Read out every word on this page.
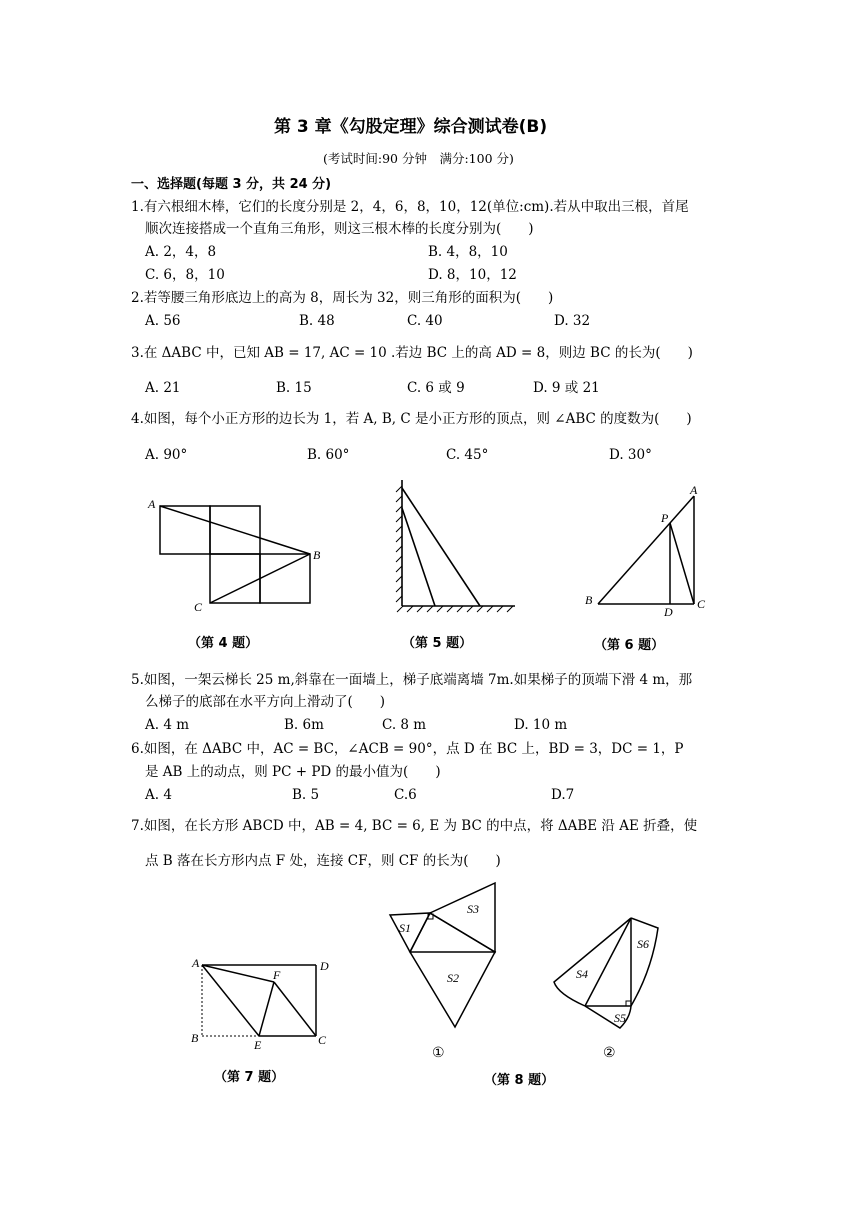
第 3 章《勾股定理》综合测试卷(B)
(考试时间:90 分钟　满分:100 分)
一、选择题(每题 3 分，共 24 分)
1.有六根细木棒，它们的长度分别是 2，4，6，8，10，12(单位:cm).若从中取出三根，首尾
顺次连接搭成一个直角三角形，则这三根木棒的长度分别为(　　)
A. 2，4，8	B. 4，8，10
C. 6，8，10	D. 8，10，12
2.若等腰三角形底边上的高为 8，周长为 32，则三角形的面积为(　　)
A. 56	B. 48	C. 40	D. 32
3.在 ΔABC 中，已知 AB = 17, AC = 10 .若边 BC 上的高 AD = 8，则边 BC 的长为(　　)
A. 21	B. 15	C. 6 或 9	D. 9 或 21
4.如图，每个小正方形的边长为 1，若 A, B, C 是小正方形的顶点，则 ∠ABC 的度数为(　　)
A. 90°	B. 60°	C. 45°	D. 30°
A
B
C
（第 4 题）	（第 5 题）
A
P
B
D
C
（第 6 题）
5.如图，一架云梯长 25 m,斜靠在一面墙上，梯子底端离墙 7m.如果梯子的顶端下滑 4 m，那
么梯子的底部在水平方向上滑动了(　　)
A. 4 m	B. 6m	C. 8 m	D. 10 m
6.如图，在 ΔABC 中，AC = BC，∠ACB = 90°，点 D 在 BC 上，BD = 3，DC = 1，P
是 AB 上的动点，则 PC + PD 的最小值为(　　)
A. 4	B. 5	C.6	D.7
7.如图，在长方形 ABCD 中，AB = 4, BC = 6, E 为 BC 的中点，将 ΔABE 沿 AE 折叠，使
点 B 落在长方形内点 F 处，连接 CF，则 CF 的长为(　　)
A	D
F
B	E	C
（第 7 题）
S1
S3
S2
①
S4
S6
S5
②
（第 8 题）
